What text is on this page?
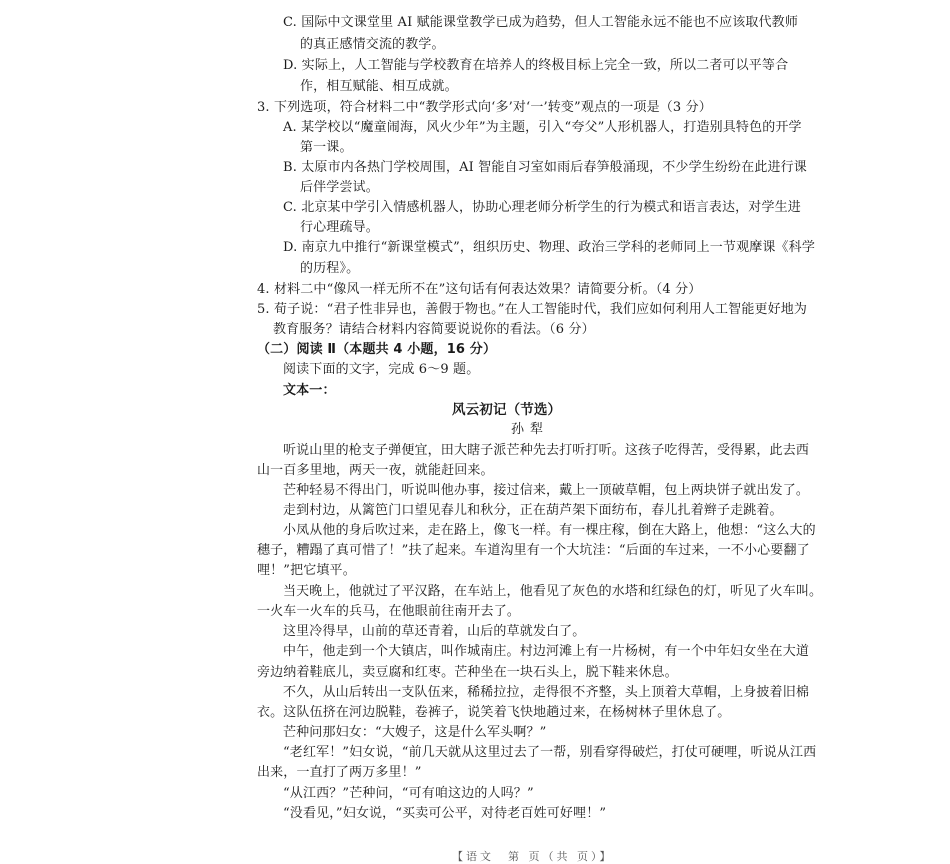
C. 国际中文课堂里 AI 赋能课堂教学已成为趋势，但人工智能永远不能也不应该取代教师
的真正感情交流的教学。
D. 实际上，人工智能与学校教育在培养人的终极目标上完全一致，所以二者可以平等合
作，相互赋能、相互成就。
3. 下列选项，符合材料二中“教学形式向‘多’对‘一’转变”观点的一项是（3 分）
A. 某学校以“魔童闹海，风火少年”为主题，引入“夸父”人形机器人，打造别具特色的开学
第一课。
B. 太原市内各热门学校周围，AI 智能自习室如雨后春笋般涌现，不少学生纷纷在此进行课
后伴学尝试。
C. 北京某中学引入情感机器人，协助心理老师分析学生的行为模式和语言表达，对学生进
行心理疏导。
D. 南京九中推行“新课堂模式”，组织历史、物理、政治三学科的老师同上一节观摩课《科学
的历程》。
4. 材料二中“像风一样无所不在”这句话有何表达效果？请简要分析。（4 分）
5. 荀子说：“君子性非异也，善假于物也。”在人工智能时代，我们应如何利用人工智能更好地为
教育服务？请结合材料内容简要说说你的看法。（6 分）
（二）阅读 Ⅱ（本题共 4 小题，16 分）
阅读下面的文字，完成 6～9 题。
文本一：
风云初记（节选）
孙犁
听说山里的枪支子弹便宜，田大瞎子派芒种先去打听打听。这孩子吃得苦，受得累，此去西
山一百多里地，两天一夜，就能赶回来。
芒种轻易不得出门，听说叫他办事，接过信来，戴上一顶破草帽，包上两块饼子就出发了。
走到村边，从篱笆门口望见春儿和秋分，正在葫芦架下面纺布，春儿扎着辫子走跳着。
小凤从他的身后吹过来，走在路上，像飞一样。有一棵庄稼，倒在大路上，他想：“这么大的
穗子，糟蹋了真可惜了！”扶了起来。车道沟里有一个大坑洼：“后面的车过来，一不小心要翻了
哩！”把它填平。
当天晚上，他就过了平汉路，在车站上，他看见了灰色的水塔和红绿色的灯，听见了火车叫。
一火车一火车的兵马，在他眼前往南开去了。
这里冷得早，山前的草还青着，山后的草就发白了。
中午，他走到一个大镇店，叫作城南庄。村边河滩上有一片杨树，有一个中年妇女坐在大道
旁边纳着鞋底儿，卖豆腐和红枣。芒种坐在一块石头上，脱下鞋来休息。
不久，从山后转出一支队伍来，稀稀拉拉，走得很不齐整，头上顶着大草帽，上身披着旧棉
衣。这队伍挤在河边脱鞋，卷裤子，说笑着飞快地趟过来，在杨树林子里休息了。
芒种问那妇女：“大嫂子，这是什么军头啊？”
“老红军！”妇女说，“前几天就从这里过去了一帮，别看穿得破烂，打仗可硬哩，听说从江西
出来，一直打了两万多里！”
“从江西？”芒种问，“可有咱这边的人吗？”
“没看见，”妇女说，“买卖可公平，对待老百姓可好哩！”
【语文　第 页（共 页）】
